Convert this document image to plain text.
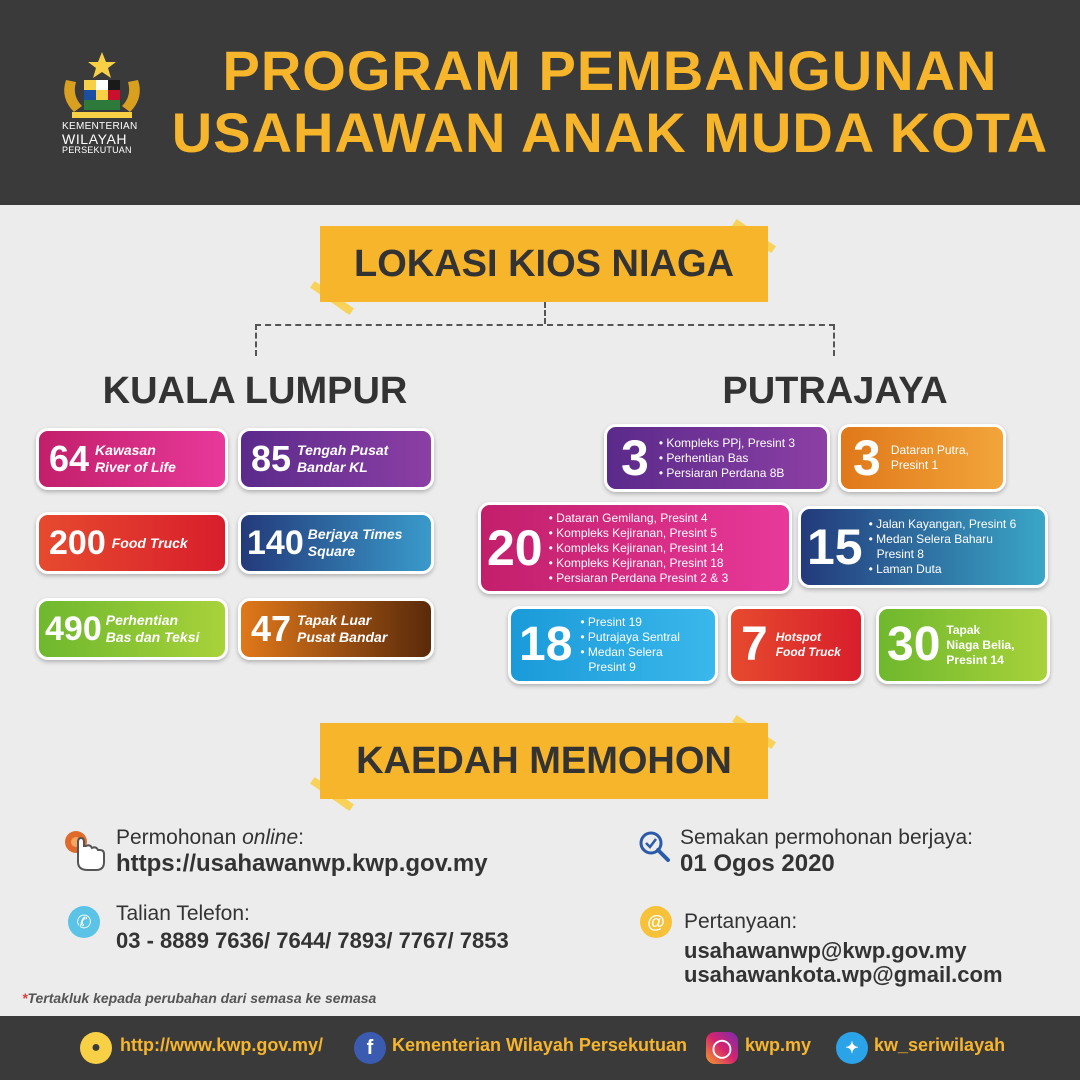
KEMENTERIAN
WILAYAH
PERSEKUTUAN
PROGRAM PEMBANGUNAN
USAHAWAN ANAK MUDA KOTA
LOKASI KIOS NIAGA
KUALA LUMPUR	PUTRAJAYA
64 Kawasan
River of Life 85 Tengah Pusat
Bandar KL
200 Food Truck 140 Berjaya Times
Square
490 Perhentian
Bas dan Teksi 47 Tapak Luar
Pusat Bandar
3 • Kompleks PPj, Presint 3
• Perhentian Bas
• Persiaran Perdana 8B 3 Dataran Putra,
Presint 1
20
• Dataran Gemilang, Presint 4
• Kompleks Kejiranan, Presint 5
• Kompleks Kejiranan, Presint 14
• Kompleks Kejiranan, Presint 18
• Persiaran Perdana Presint 2 & 3
15 • Jalan Kayangan, Presint 6
• Medan Selera Baharu
Presint 8
• Laman Duta
18 • Presint 19
• Putrajaya Sentral
• Medan Selera
Presint 9	7 Hotspot
Food Truck 30 Tapak
Niaga Belia,
Presint 14
KAEDAH MEMOHON
Permohonan online:
https://usahawanwp.kwp.gov.my
✆	Talian Telefon:
03 - 8889 7636/ 7644/ 7893/ 7767/ 7853
Semakan permohonan berjaya:
01 Ogos 2020
@ Pertanyaan:
usahawanwp@kwp.gov.my
usahawankota.wp@gmail.com
*Tertakluk kepada perubahan dari semasa ke semasa
●	http://www.kwp.gov.my/	f	Kementerian Wilayah Persekutuan	◯ kwp.my	✦ kw_seriwilayah
